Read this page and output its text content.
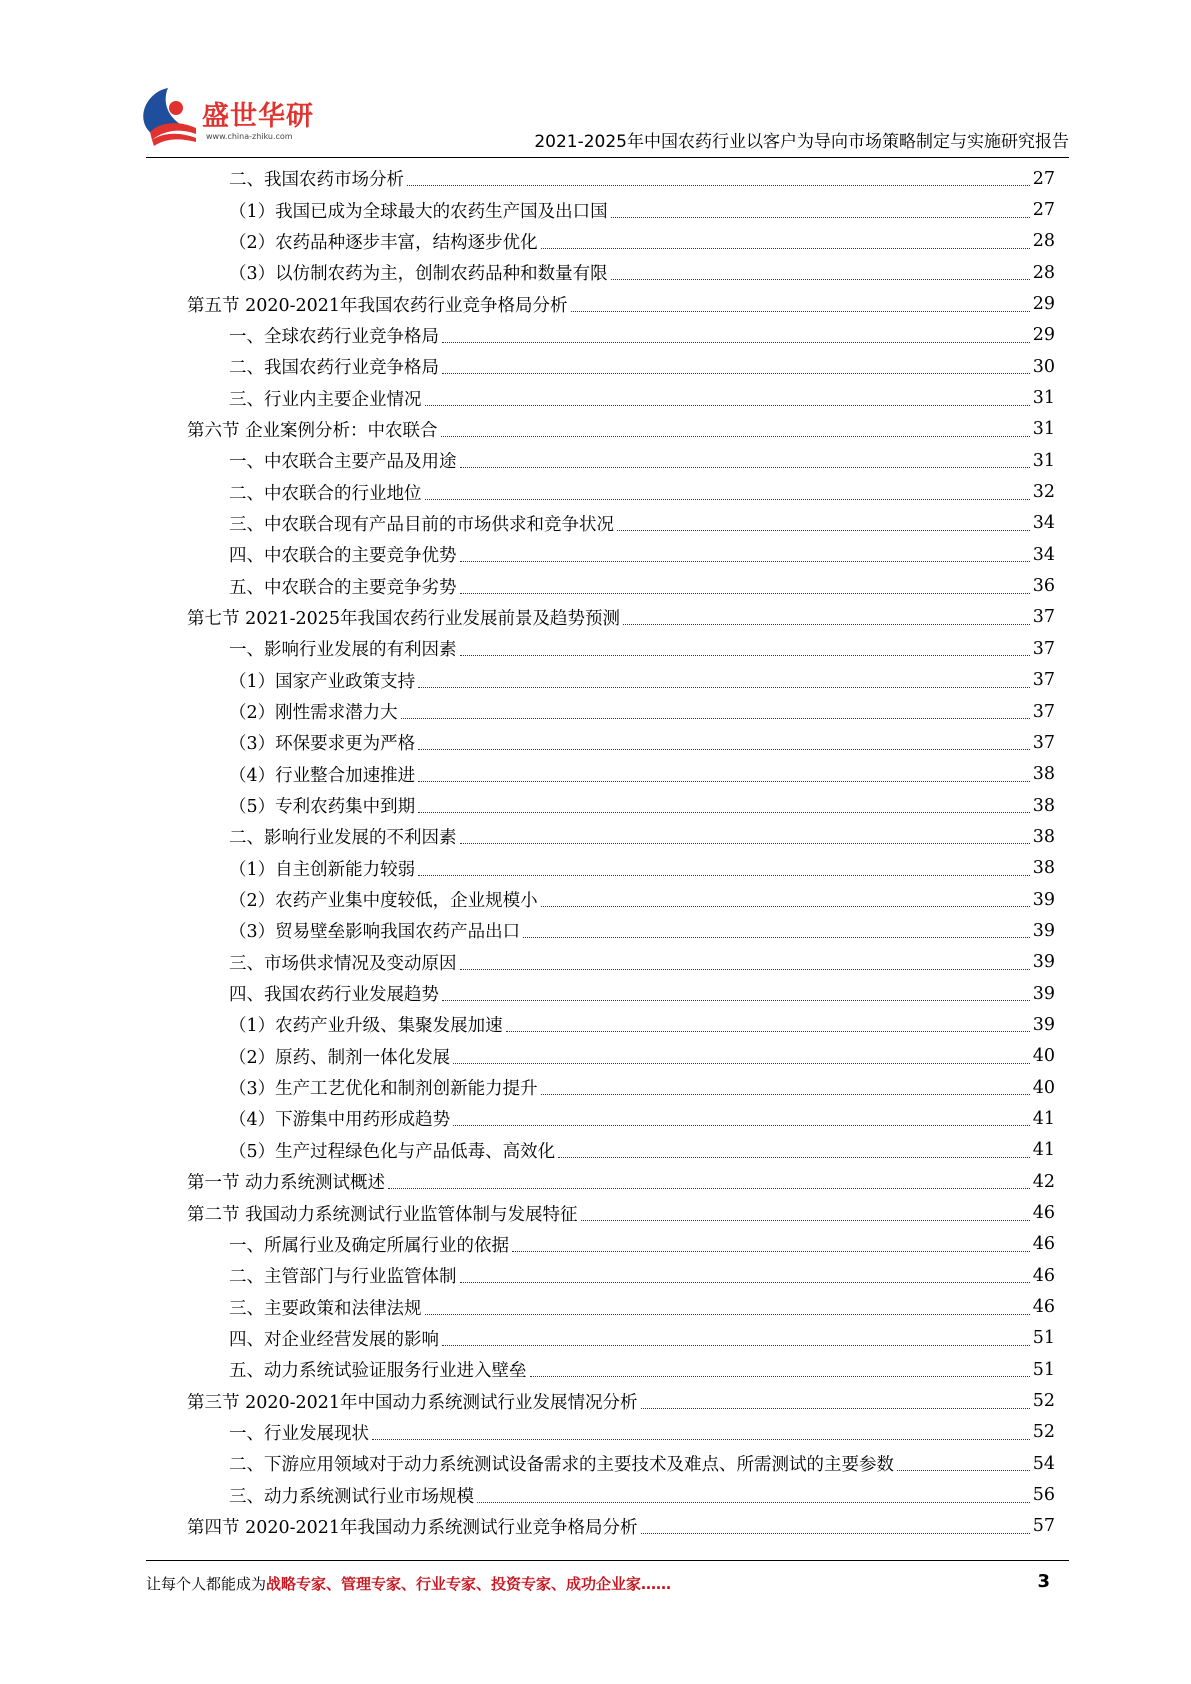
盛世华研
www.china-zhiku.com	2021-2025年中国农药行业以客户为导向市场策略制定与实施研究报告
二、我国农药市场分析	27
（1）我国已成为全球最大的农药生产国及出口国	27
（2）农药品种逐步丰富，结构逐步优化	28
（3）以仿制农药为主，创制农药品种和数量有限	28
第五节 2020-2021年我国农药行业竞争格局分析	29
一、全球农药行业竞争格局	29
二、我国农药行业竞争格局	30
三、行业内主要企业情况	31
第六节 企业案例分析：中农联合	31
一、中农联合主要产品及用途	31
二、中农联合的行业地位	32
三、中农联合现有产品目前的市场供求和竞争状况	34
四、中农联合的主要竞争优势	34
五、中农联合的主要竞争劣势	36
第七节 2021-2025年我国农药行业发展前景及趋势预测	37
一、影响行业发展的有利因素	37
（1）国家产业政策支持	37
（2）刚性需求潜力大	37
（3）环保要求更为严格	37
（4）行业整合加速推进	38
（5）专利农药集中到期	38
二、影响行业发展的不利因素	38
（1）自主创新能力较弱	38
（2）农药产业集中度较低，企业规模小	39
（3）贸易壁垒影响我国农药产品出口	39
三、市场供求情况及变动原因	39
四、我国农药行业发展趋势	39
（1）农药产业升级、集聚发展加速	39
（2）原药、制剂一体化发展	40
（3）生产工艺优化和制剂创新能力提升	40
（4）下游集中用药形成趋势	41
（5）生产过程绿色化与产品低毒、高效化	41
第一节 动力系统测试概述	42
第二节 我国动力系统测试行业监管体制与发展特征	46
一、所属行业及确定所属行业的依据	46
二、主管部门与行业监管体制	46
三、主要政策和法律法规	46
四、对企业经营发展的影响	51
五、动力系统试验证服务行业进入壁垒	51
第三节 2020-2021年中国动力系统测试行业发展情况分析	52
一、行业发展现状	52
二、下游应用领域对于动力系统测试设备需求的主要技术及难点、所需测试的主要参数	54
三、动力系统测试行业市场规模	56
第四节 2020-2021年我国动力系统测试行业竞争格局分析	57
让每个人都能成为战略专家、管理专家、行业专家、投资专家、成功企业家……	3
